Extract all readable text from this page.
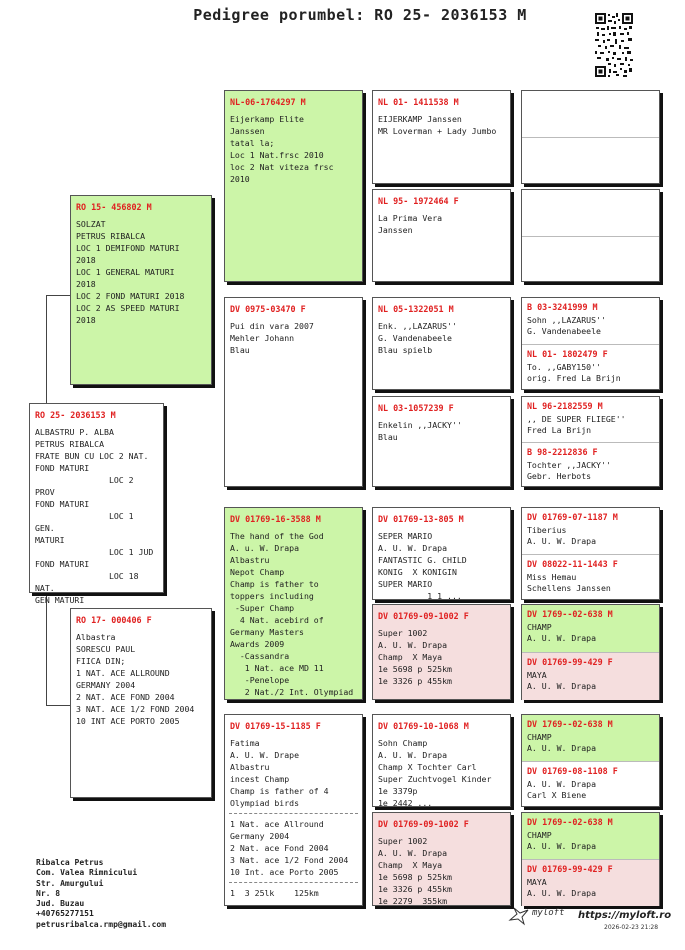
Pedigree porumbel: RO 25- 2036153 M
RO 25- 2036153 M
ALBASTRU P. ALBA
PETRUS RIBALCA
FRATE BUN CU LOC 2 NAT.
FOND MATURI
LOC 2 PROV
FOND MATURI
LOC 1 GEN.
MATURI
LOC 1 JUD
FOND MATURI
LOC 18 NAT.
GEN MATURI
RO 15- 456802 M
SOLZAT
PETRUS RIBALCA
LOC 1 DEMIFOND MATURI
2018
LOC 1 GENERAL MATURI
2018
LOC 2 FOND MATURI 2018
LOC 2 AS SPEED MATURI
2018
RO 17- 000406 F
Albastra
SORESCU PAUL
FIICA DIN;
1 NAT. ACE ALLROUND
GERMANY 2004
2 NAT. ACE FOND 2004
3 NAT. ACE 1/2 FOND 2004
10 INT ACE PORTO 2005
NL-06-1764297 M
Eijerkamp Elite
Janssen
tatal la;
Loc 1 Nat.frsc 2010
loc 2 Nat viteza frsc
2010
DV 0975-03470 F
Pui din vara 2007
Mehler Johann
Blau
DV 01769-16-3588 M
The hand of the God
A. u. W. Drapa
Albastru
Nepot Champ
Champ is father to
toppers including
-Super Champ
4 Nat. acebird of
Germany Masters
Awards 2009
-Cassandra
1 Nat. ace MD 11
-Penelope
2 Nat./2 Int. Olympiad
DV 01769-15-1185 F
Fatima
A. U. W. Drape
Albastru
incest Champ
Champ is father of 4
Olympiad birds
1 Nat. ace Allround
Germany 2004
2 Nat. ace Fond 2004
3 Nat. ace 1/2 Fond 2004
10 Int. ace Porto 2005
1  3 25lk    125km
NL 01- 1411538 M
EIJERKAMP Janssen
MR Loverman + Lady Jumbo
NL 95- 1972464 F
La Prima Vera
Janssen
NL 05-1322051 M
Enk. ,,LAZARUS''
G. Vandenabeele
Blau spielb
NL 03-1057239 F
Enkelin ,,JACKY''
Blau
DV 01769-13-805 M
SEPER MARIO
A. U. W. Drapa
FANTASTIC G. CHILD
KONIG  X KONIGIN
SUPER MARIO
1 1 ...
DV 01769-09-1002 F
Super 1002
A. U. W. Drapa
Champ  X Maya
1e 5698 p 525km
1e 3326 p 455km
DV 01769-10-1068 M
Sohn Champ
A. U. W. Drapa
Champ X Tochter Carl
Super Zuchtvogel Kinder
1e 3379p
1e 2442 ...
DV 01769-09-1002 F
Super 1002
A. U. W. Drapa
Champ  X Maya
1e 5698 p 525km
1e 3326 p 455km
1e 2279  355km
B 03-3241999 M
Sohn ,,LAZARUS''
G. Vandenabeele
NL 01- 1802479 F
To. ,,GABY150''
orig. Fred La Brijn
NL 96-2182559 M
,, DE SUPER FLIEGE''
Fred La Brijn
B 98-2212836 F
Tochter ,,JACKY''
Gebr. Herbots
DV 01769-07-1187 M
Tiberius
A. U. W. Drapa
DV 08022-11-1443 F
Miss Hemau
Schellens Janssen
DV 1769--02-638 M
CHAMP
A. U. W. Drapa
DV 01769-99-429 F
MAYA
A. U. W. Drapa
DV 1769--02-638 M
CHAMP
A. U. W. Drapa
DV 01769-08-1108 F
A. U. W. Drapa
Carl X Biene
DV 1769--02-638 M
CHAMP
A. U. W. Drapa
DV 01769-99-429 F
MAYA
A. U. W. Drapa
Ribalca Petrus
Com. Valea Rimnicului
Str. Amurgului
Nr. 8
Jud. Buzau
+40765277151
petrusribalca.rmp@gmail.com
myloft https://myloft.ro
2026-02-23 21:28
